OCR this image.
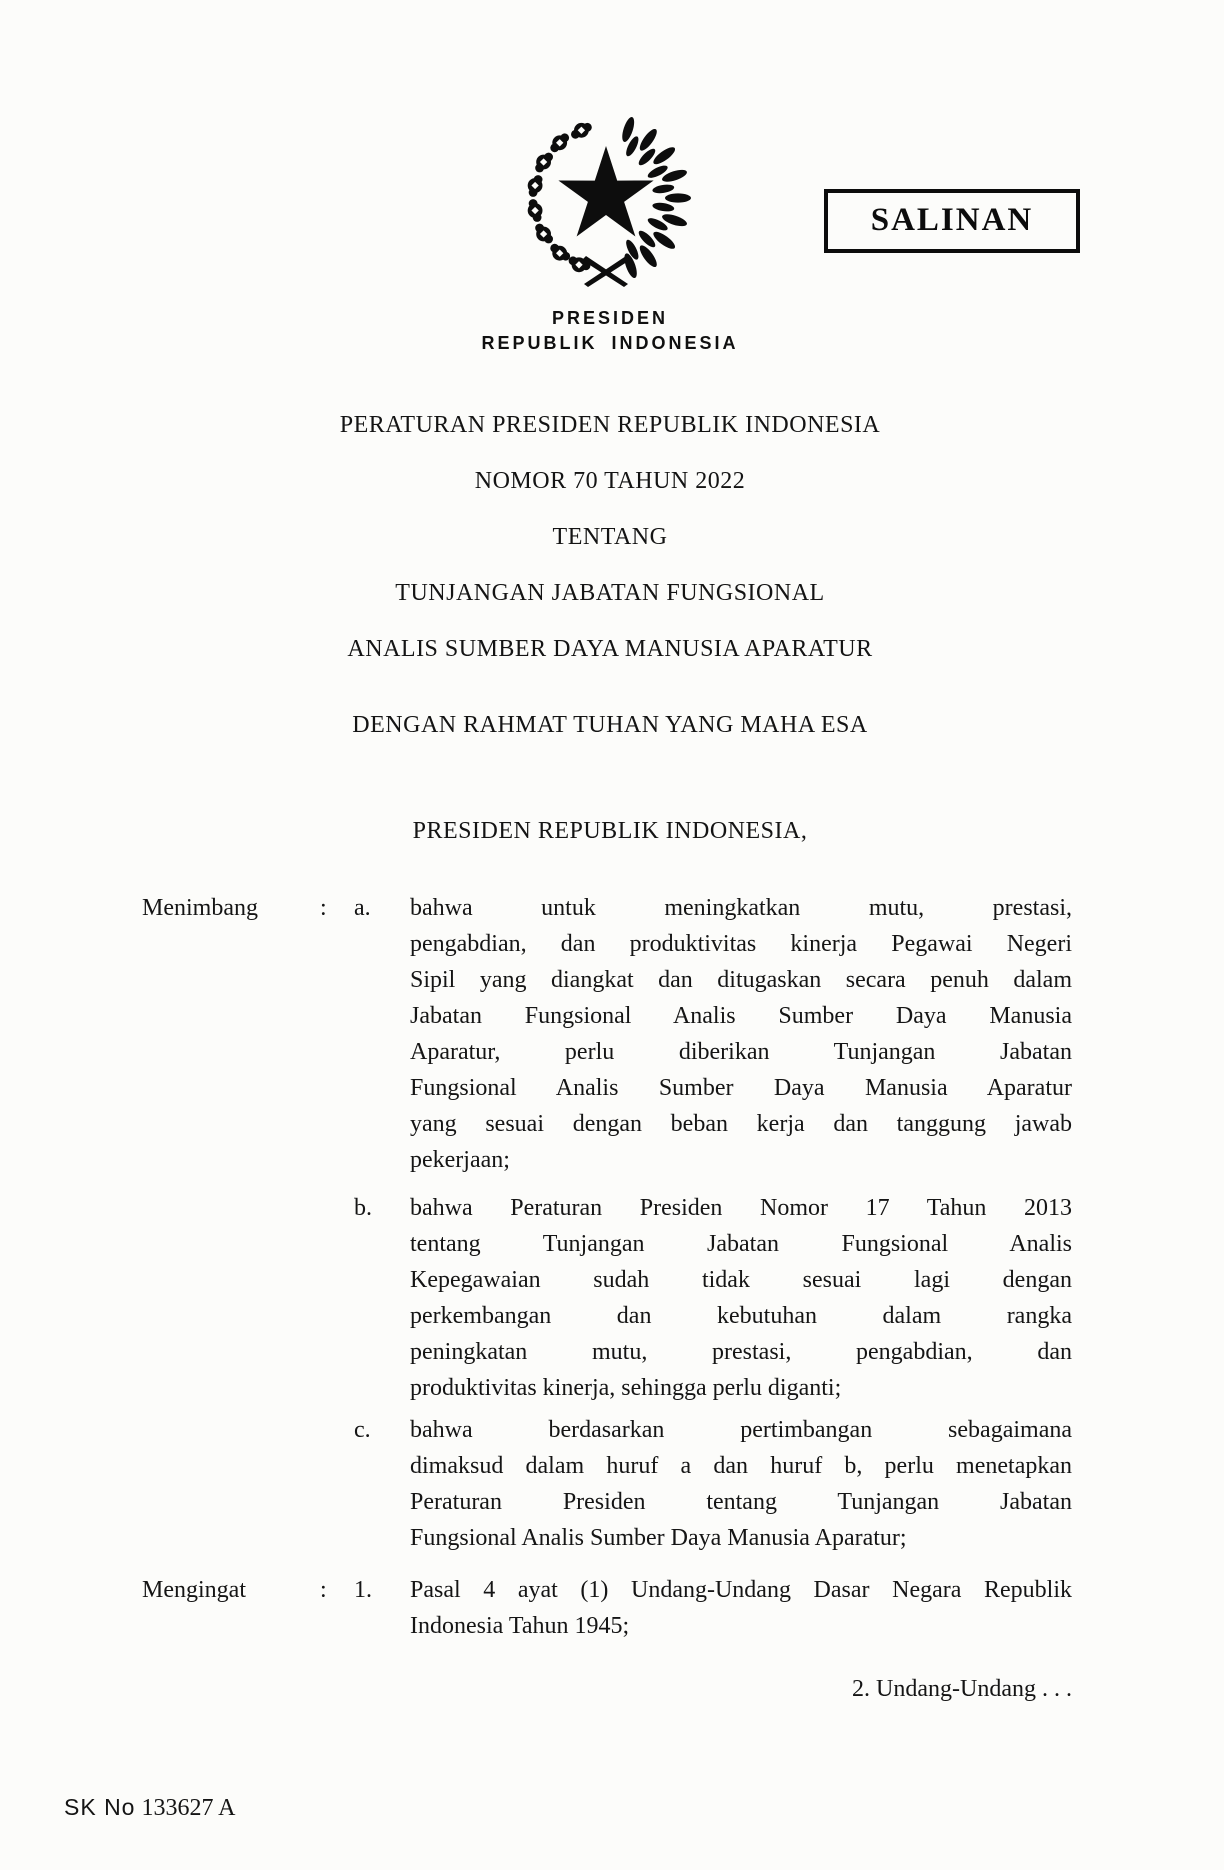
SALINAN
PRESIDEN
REPUBLIK INDONESIA
PERATURAN PRESIDEN REPUBLIK INDONESIA
NOMOR 70 TAHUN 2022
TENTANG
TUNJANGAN JABATAN FUNGSIONAL
ANALIS SUMBER DAYA MANUSIA APARATUR
DENGAN RAHMAT TUHAN YANG MAHA ESA
PRESIDEN REPUBLIK INDONESIA,
Menimbang	: a. bahwa untuk meningkatkan mutu, prestasi,
pengabdian, dan produktivitas kinerja Pegawai Negeri
Sipil yang diangkat dan ditugaskan secara penuh dalam
Jabatan Fungsional Analis Sumber Daya Manusia
Aparatur, perlu diberikan Tunjangan Jabatan
Fungsional Analis Sumber Daya Manusia Aparatur
yang sesuai dengan beban kerja dan tanggung jawab
pekerjaan;
b. bahwa Peraturan Presiden Nomor 17 Tahun 2013
tentang Tunjangan Jabatan Fungsional Analis
Kepegawaian sudah tidak sesuai lagi dengan
perkembangan dan kebutuhan dalam rangka
peningkatan mutu, prestasi, pengabdian, dan
produktivitas kinerja, sehingga perlu diganti;
c. bahwa berdasarkan pertimbangan sebagaimana
dimaksud dalam huruf a dan huruf b, perlu menetapkan
Peraturan Presiden tentang Tunjangan Jabatan
Fungsional Analis Sumber Daya Manusia Aparatur;
Mengingat	: 1. Pasal 4 ayat (1) Undang-Undang Dasar Negara Republik
Indonesia Tahun 1945;
2. Undang-Undang . . .
SK No 133627 A
